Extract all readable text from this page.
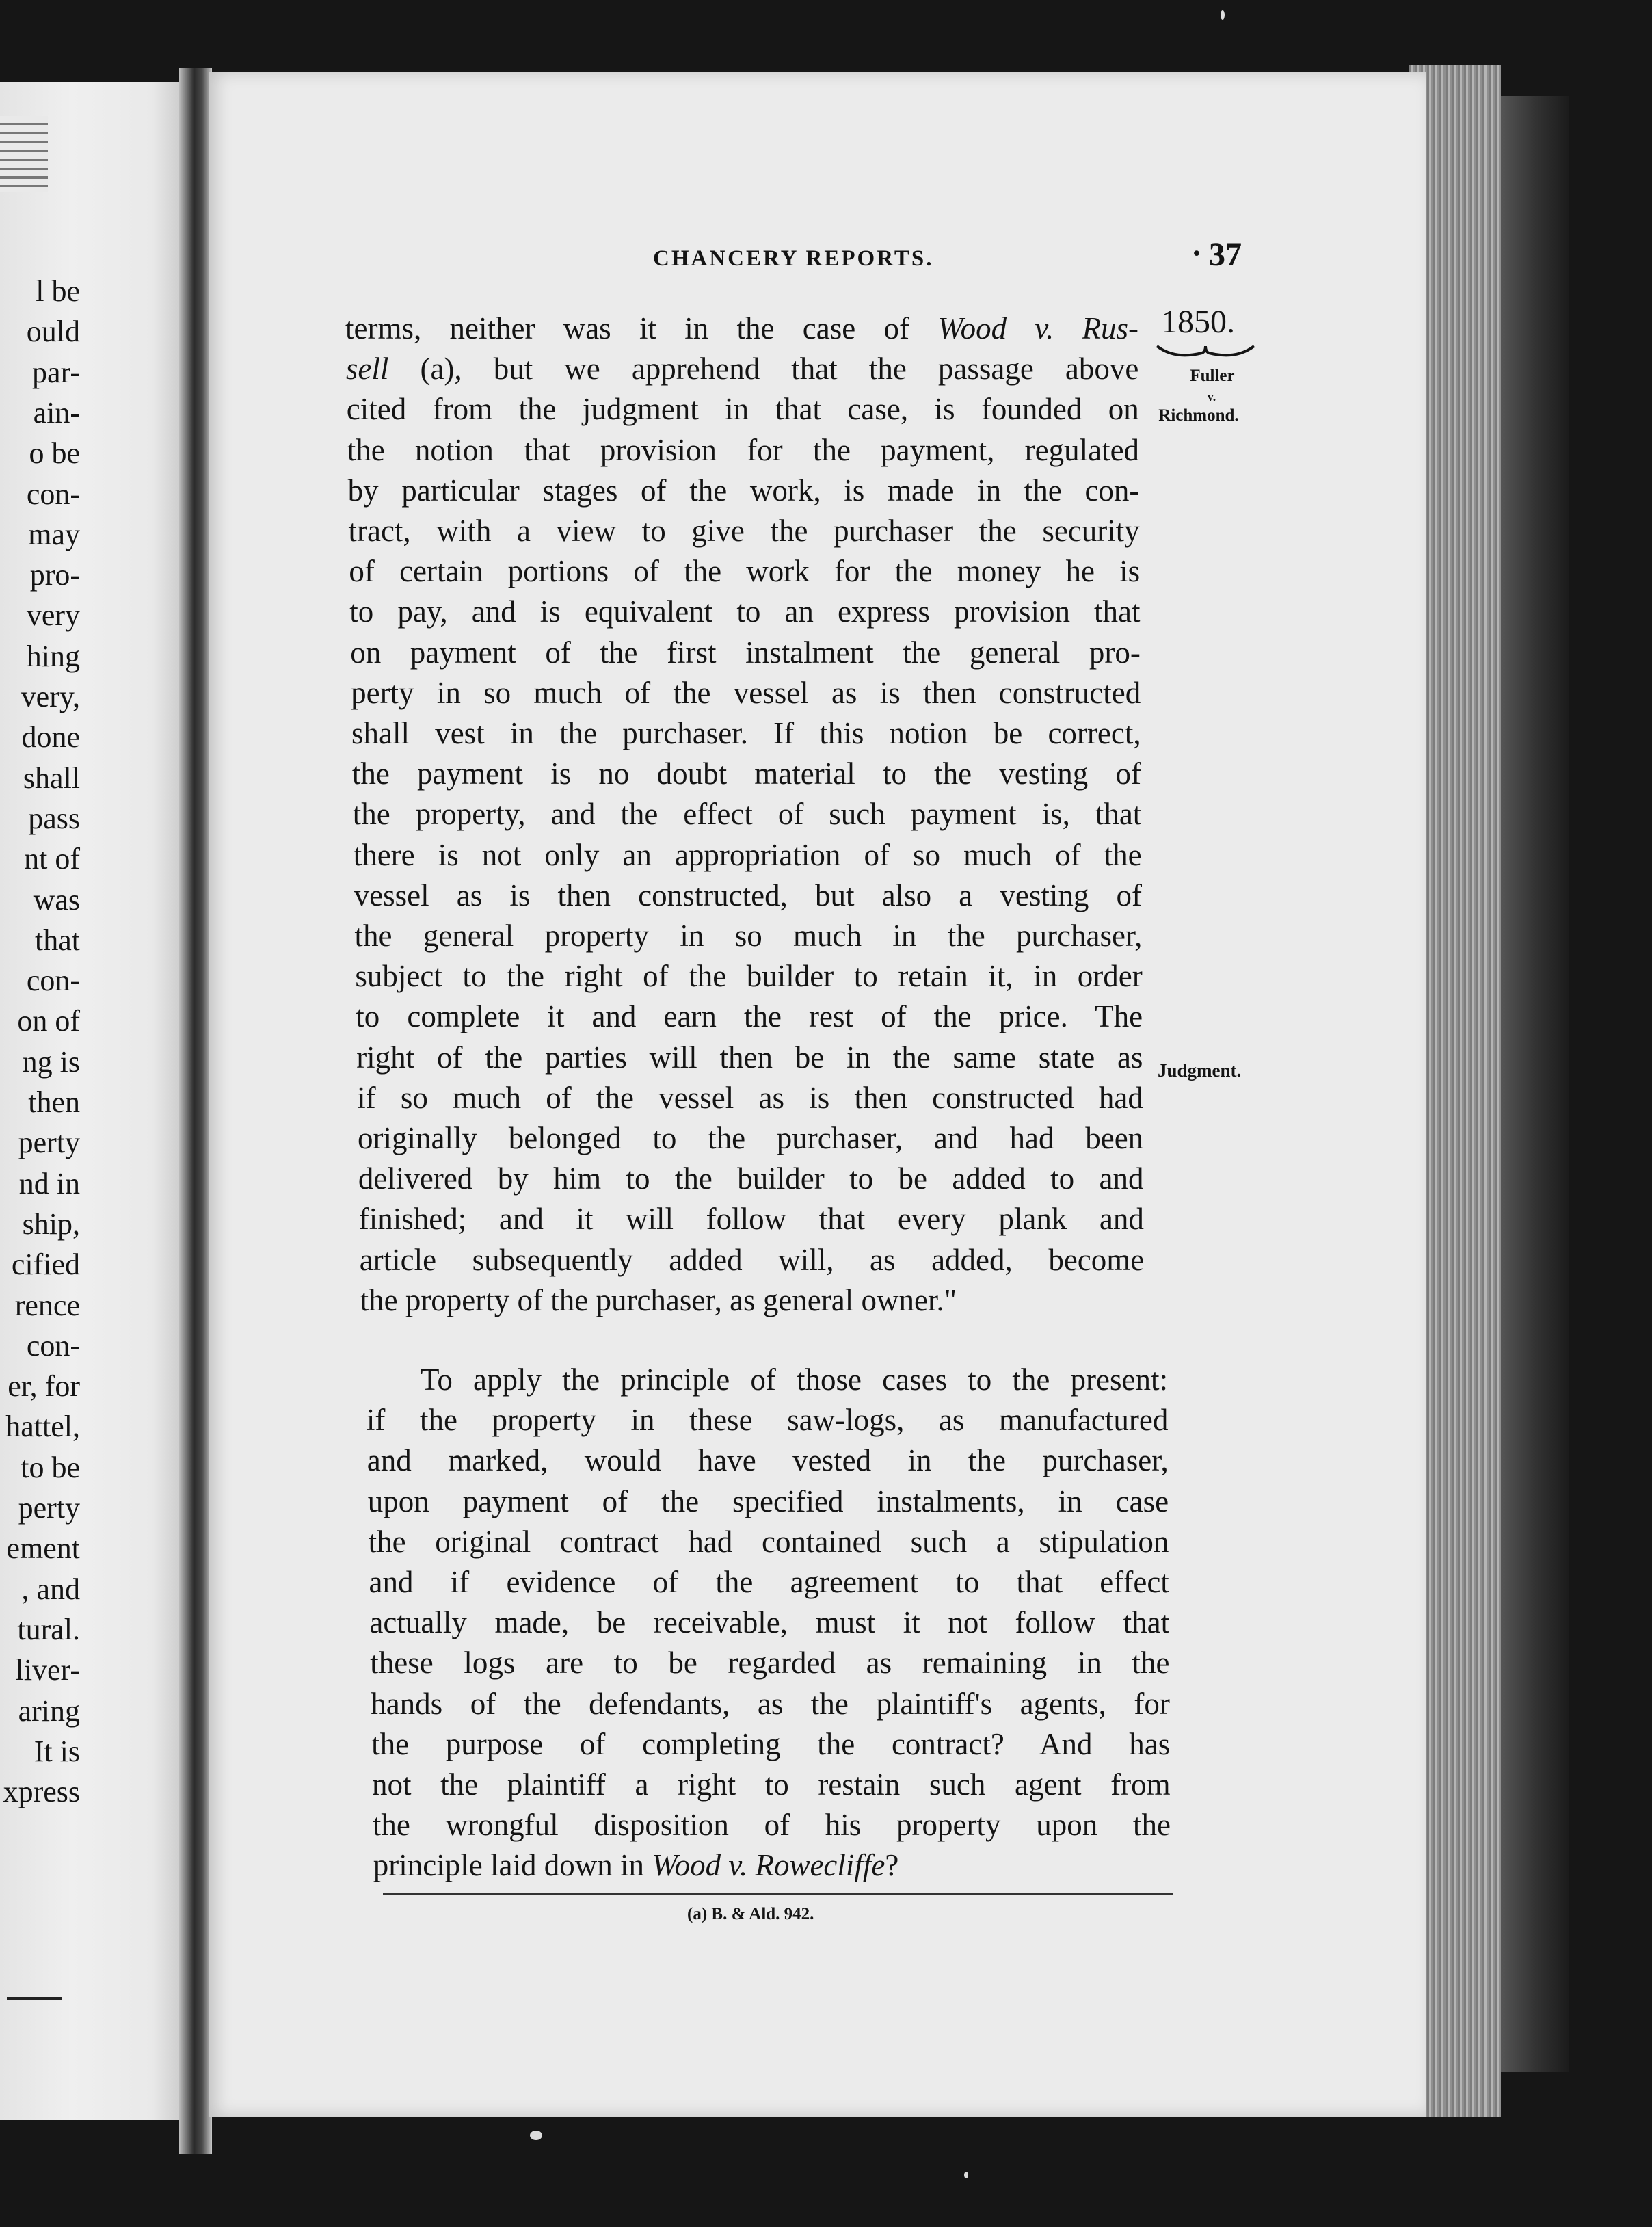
l be
ould
par-
ain-
o be
con-
may
pro-
very
hing
very,
done
shall
pass
nt of
was
that
con-
on of
ng is
then
perty
nd in
ship,
cified
rence
con-
er, for
hattel,
to be
perty
ement
, and
tural.
liver-
aring
It is
xpress
CHANCERY REPORTS.
·	37
1850.
Fuller
v.
Richmond.
Judgment.
terms, neither was it in the case of Wood v. Rus-
sell (a), but we apprehend that the passage above
cited from the judgment in that case, is founded on
the notion that provision for the payment, regulated
by particular stages of the work, is made in the con-
tract, with a view to give the purchaser the security
of certain portions of the work for the money he is
to pay, and is equivalent to an express provision that
on payment of the first instalment the general pro-
perty in so much of the vessel as is then constructed
shall vest in the purchaser. If this notion be correct,
the payment is no doubt material to the vesting of
the property, and the effect of such payment is, that
there is not only an appropriation of so much of the
vessel as is then constructed, but also a vesting of
the general property in so much in the purchaser,
subject to the right of the builder to retain it, in order
to complete it and earn the rest of the price. The
right of the parties will then be in the same state as
if so much of the vessel as is then constructed had
originally belonged to the purchaser, and had been
delivered by him to the builder to be added to and
finished; and it will follow that every plank and
article subsequently added will, as added, become
the property of the purchaser, as general owner."
To apply the principle of those cases to the present:
if the property in these saw-logs, as manufactured
and marked, would have vested in the purchaser,
upon payment of the specified instalments, in case
the original contract had contained such a stipulation
and if evidence of the agreement to that effect
actually made, be receivable, must it not follow that
these logs are to be regarded as remaining in the
hands of the defendants, as the plaintiff's agents, for
the purpose of completing the contract? And has
not the plaintiff a right to restain such agent from
the wrongful disposition of his property upon the
principle laid down in Wood v. Rowecliffe?
(a) B. & Ald. 942.
